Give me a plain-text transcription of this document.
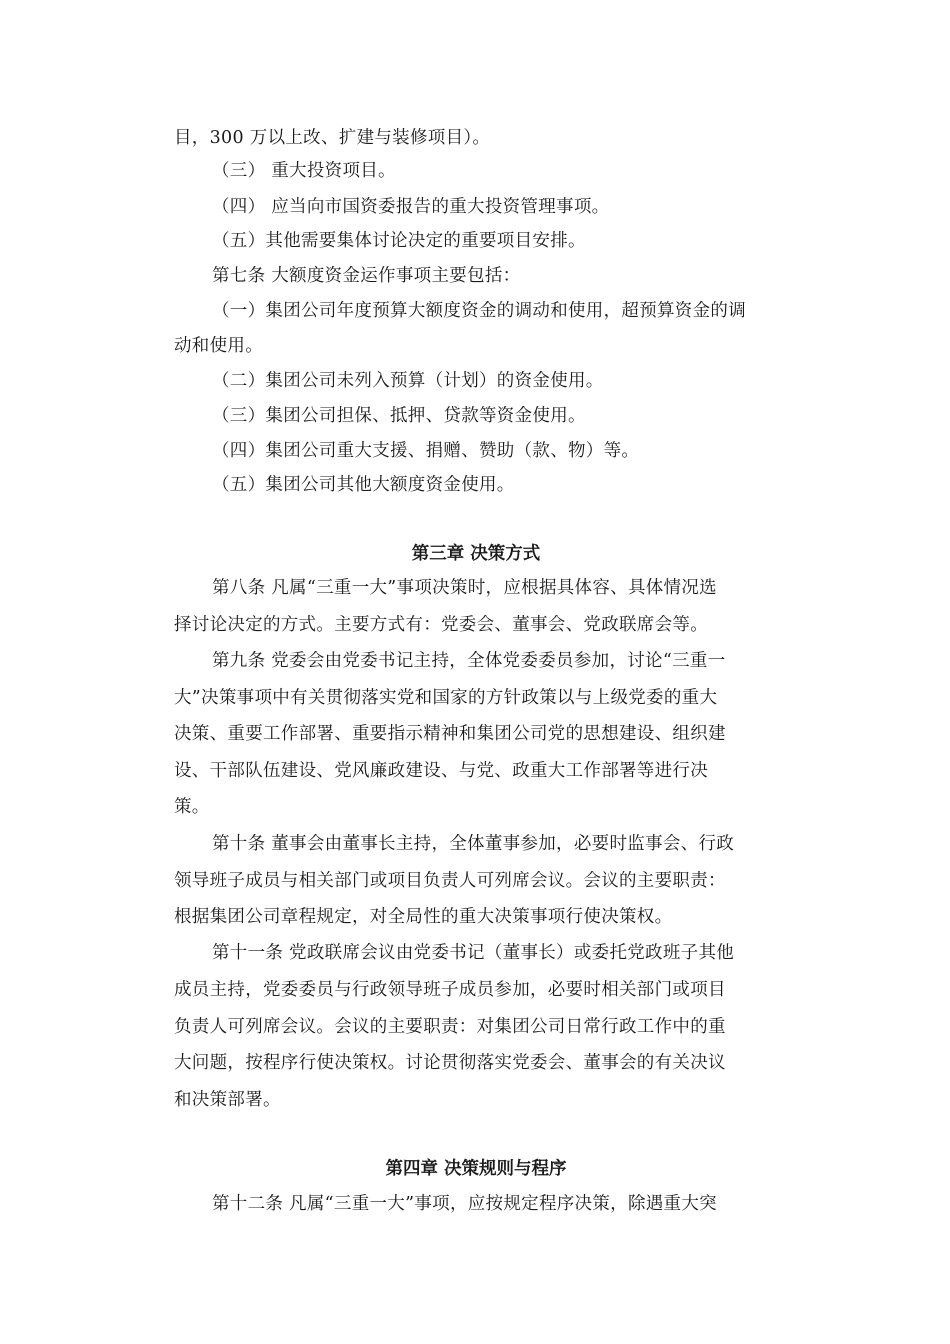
目，300 万以上改、扩建与装修项目）。
（三） 重大投资项目。
（四） 应当向市国资委报告的重大投资管理事项。
（五）其他需要集体讨论决定的重要项目安排。
第七条 大额度资金运作事项主要包括：
（一）集团公司年度预算大额度资金的调动和使用，超预算资金的调
动和使用。
（二）集团公司未列入预算（计划）的资金使用。
（三）集团公司担保、抵押、贷款等资金使用。
（四）集团公司重大支援、捐赠、赞助（款、物）等。
（五）集团公司其他大额度资金使用。
第三章 决策方式
第八条 凡属“三重一大”事项决策时，应根据具体容、具体情况选
择讨论决定的方式。主要方式有：党委会、董事会、党政联席会等。
第九条 党委会由党委书记主持，全体党委委员参加，讨论“三重一
大”决策事项中有关贯彻落实党和国家的方针政策以与上级党委的重大
决策、重要工作部署、重要指示精神和集团公司党的思想建设、组织建
设、干部队伍建设、党风廉政建设、与党、政重大工作部署等进行决
策。
第十条 董事会由董事长主持，全体董事参加，必要时监事会、行政
领导班子成员与相关部门或项目负责人可列席会议。会议的主要职责：
根据集团公司章程规定，对全局性的重大决策事项行使决策权。
第十一条 党政联席会议由党委书记（董事长）或委托党政班子其他
成员主持，党委委员与行政领导班子成员参加，必要时相关部门或项目
负责人可列席会议。会议的主要职责：对集团公司日常行政工作中的重
大问题，按程序行使决策权。讨论贯彻落实党委会、董事会的有关决议
和决策部署。
第四章 决策规则与程序
第十二条 凡属“三重一大”事项，应按规定程序决策，除遇重大突
